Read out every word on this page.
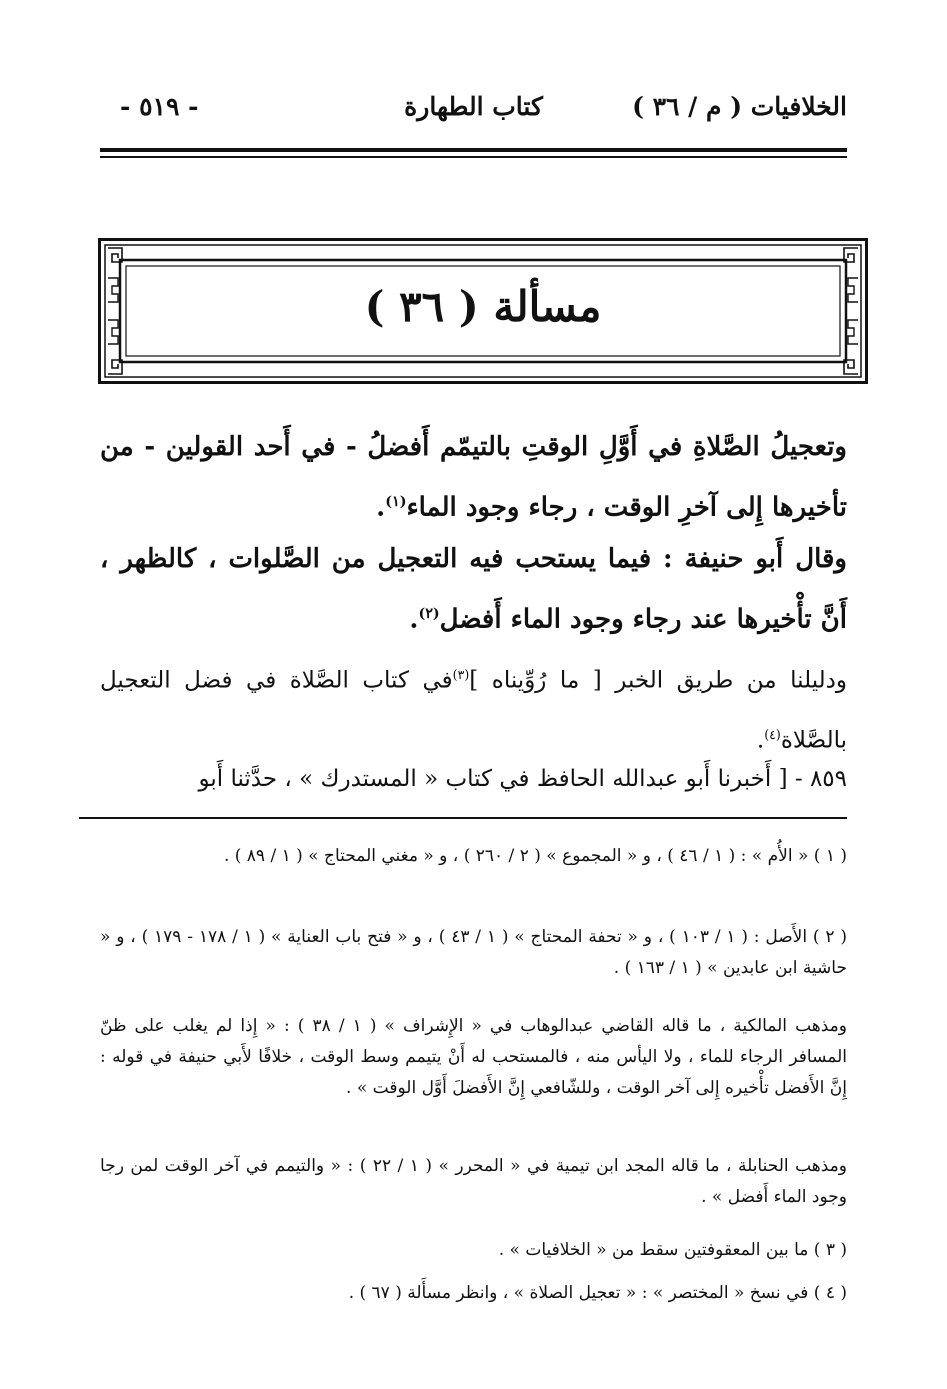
الخلافيات ( م / ٣٦ )
كتاب الطهارة
- ٥١٩ -
مسألة ( ٣٦ )

وتعجيلُ الصَّلاةِ في أَوَّلِ الوقتِ بالتيمّم أَفضلُ - في أَحد القولين - من تأخيرها إِلى آخرِ الوقت ، رجاء وجود الماء$^{(١)}$.

وقال أَبو حنيفة : فيما يستحب فيه التعجيل من الصَّلوات ، كالظهر ، أَنَّ تأْخيرها عند رجاء وجود الماء أَفضل$^{(٢)}$.

ودليلنا من طريق الخبر [ ما رُوِّيناه ]$^{(٣)}$في كتاب الصَّلاة في فضل التعجيل بالصَّلاة$^{(٤)}$.

٨٥٩ - [ أَخبرنا أَبو عبدالله الحافظ في كتاب « المستدرك » ، حدَّثنا أَبو

( ١ ) « الأُم » : ( ١ / ٤٦ ) ، و « المجموع » ( ٢ / ٢٦٠ ) ، و « مغني المحتاج » ( ١ / ٨٩ ) .

( ٢ ) الأَصل : ( ١ / ١٠٣ ) ، و « تحفة المحتاج » ( ١ / ٤٣ ) ، و « فتح باب العناية » ( ١ / ١٧٨ - ١٧٩ ) ، و « حاشية ابن عابدين » ( ١ / ١٦٣ ) .

ومذهب المالكية ، ما قاله القاضي عبدالوهاب في « الإِشراف » ( ١ / ٣٨ ) : « إِذا لم يغلب على ظنّ المسافر الرجاء للماء ، ولا اليأس منه ، فالمستحب له أَنْ يتيمم وسط الوقت ، خلافًا لأَبي حنيفة في قوله : إِنَّ الأَفضل تأْخيره إِلى آخر الوقت ، وللشّافعي إِنَّ الأَفضلَ أَوَّل الوقت » .

ومذهب الحنابلة ، ما قاله المجد ابن تيمية في « المحرر » ( ١ / ٢٢ ) : « والتيمم في آخر الوقت لمن رجا وجود الماء أَفضل » .

( ٣ ) ما بين المعقوفتين سقط من « الخلافيات » .

( ٤ ) في نسخ « المختصر » : « تعجيل الصلاة » ، وانظر مسأَلة ( ٦٧ ) .
